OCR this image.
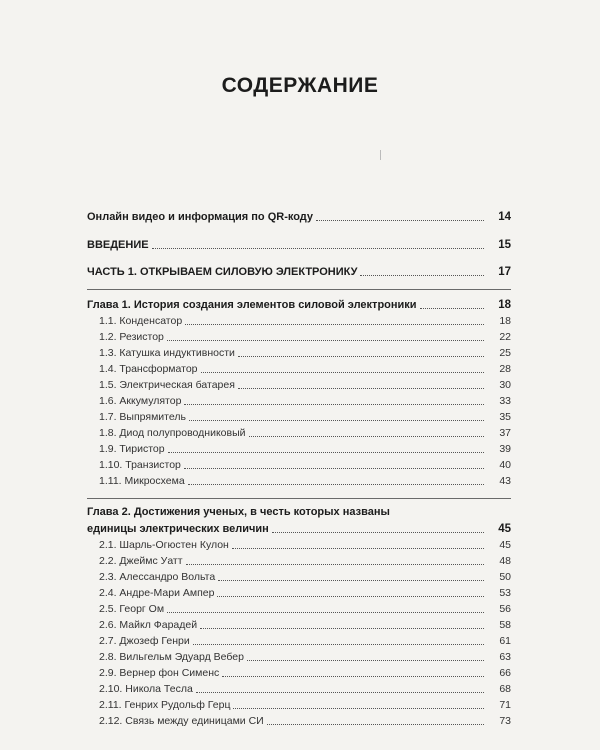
СОДЕРЖАНИЕ
Онлайн видео и информация по QR-коду	14
ВВЕДЕНИЕ	15
ЧАСТЬ 1. ОТКРЫВАЕМ СИЛОВУЮ ЭЛЕКТРОНИКУ	17
Глава 1. История создания элементов силовой электроники	18
1.1. Конденсатор	18
1.2. Резистор	22
1.3. Катушка индуктивности	25
1.4. Трансформатор	28
1.5. Электрическая батарея	30
1.6. Аккумулятор	33
1.7. Выпрямитель	35
1.8. Диод полупроводниковый	37
1.9. Тиристор	39
1.10. Транзистор	40
1.11. Микросхема	43
Глава 2. Достижения ученых, в честь которых названы
единицы электрических величин	45
2.1. Шарль-Огюстен Кулон	45
2.2. Джеймс Уатт	48
2.3. Алессандро Вольта	50
2.4. Андре-Мари Ампер	53
2.5. Георг Ом	56
2.6. Майкл Фарадей	58
2.7. Джозеф Генри	61
2.8. Вильгельм Эдуард Вебер	63
2.9. Вернер фон Сименс	66
2.10. Никола Тесла	68
2.11. Генрих Рудольф Герц	71
2.12. Связь между единицами СИ	73
